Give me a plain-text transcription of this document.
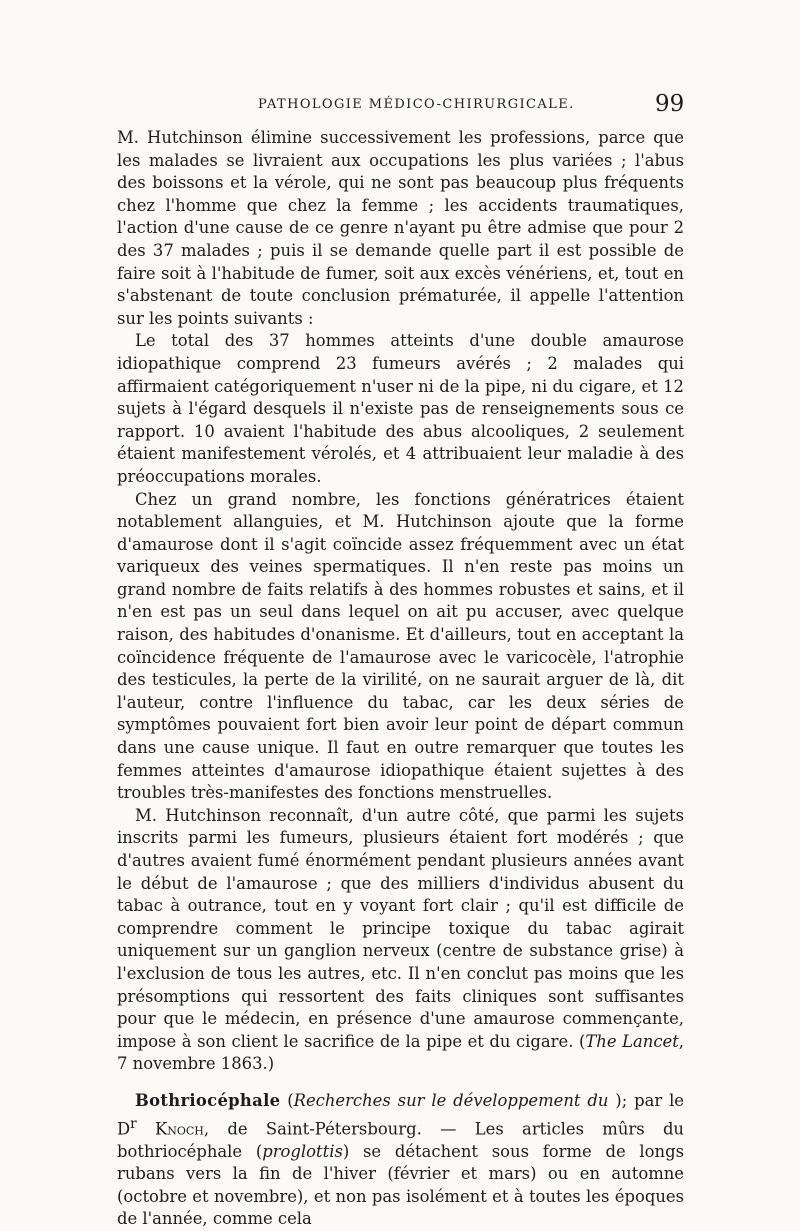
PATHOLOGIE MÉDICO-CHIRURGICALE.	99

M. Hutchinson élimine successivement les professions, parce que les malades se livraient aux occupations les plus variées ; l'abus des boissons et la vérole, qui ne sont pas beaucoup plus fréquents chez l'homme que chez la femme ; les accidents traumatiques, l'action d'une cause de ce genre n'ayant pu être admise que pour 2 des 37 malades ; puis il se demande quelle part il est possible de faire soit à l'habitude de fumer, soit aux excès vénériens, et, tout en s'abstenant de toute conclusion prématurée, il appelle l'attention sur les points suivants :

Le total des 37 hommes atteints d'une double amaurose idiopathique comprend 23 fumeurs avérés ; 2 malades qui affirmaient catégoriquement n'user ni de la pipe, ni du cigare, et 12 sujets à l'égard desquels il n'existe pas de renseignements sous ce rapport. 10 avaient l'habitude des abus alcooliques, 2 seulement étaient manifestement vérolés, et 4 attribuaient leur maladie à des préoccupations morales.

Chez un grand nombre, les fonctions génératrices étaient notablement allanguies, et M. Hutchinson ajoute que la forme d'amaurose dont il s'agit coïncide assez fréquemment avec un état variqueux des veines spermatiques. Il n'en reste pas moins un grand nombre de faits relatifs à des hommes robustes et sains, et il n'en est pas un seul dans lequel on ait pu accuser, avec quelque raison, des habitudes d'onanisme. Et d'ailleurs, tout en acceptant la coïncidence fréquente de l'amaurose avec le varicocèle, l'atrophie des testicules, la perte de la virilité, on ne saurait arguer de là, dit l'auteur, contre l'influence du tabac, car les deux séries de symptômes pouvaient fort bien avoir leur point de départ commun dans une cause unique. Il faut en outre remarquer que toutes les femmes atteintes d'amaurose idiopathique étaient sujettes à des troubles très-manifestes des fonctions menstruelles.

M. Hutchinson reconnaît, d'un autre côté, que parmi les sujets inscrits parmi les fumeurs, plusieurs étaient fort modérés ; que d'autres avaient fumé énormément pendant plusieurs années avant le début de l'amaurose ; que des milliers d'individus abusent du tabac à outrance, tout en y voyant fort clair ; qu'il est difficile de comprendre comment le principe toxique du tabac agirait uniquement sur un ganglion nerveux (centre de substance grise) à l'exclusion de tous les autres, etc. Il n'en conclut pas moins que les présomptions qui ressortent des faits cliniques sont suffisantes pour que le médecin, en présence d'une amaurose commençante, impose à son client le sacrifice de la pipe et du cigare. (The Lancet, 7 novembre 1863.)

Bothriocéphale (Recherches sur le développement du ); par le $D^r$ Knoch, de Saint-Pétersbourg. — Les articles mûrs du bothriocéphale (proglottis) se détachent sous forme de longs rubans vers la fin de l'hiver (février et mars) ou en automne (octobre et novembre), et non pas isolément et à toutes les époques de l'année, comme cela
